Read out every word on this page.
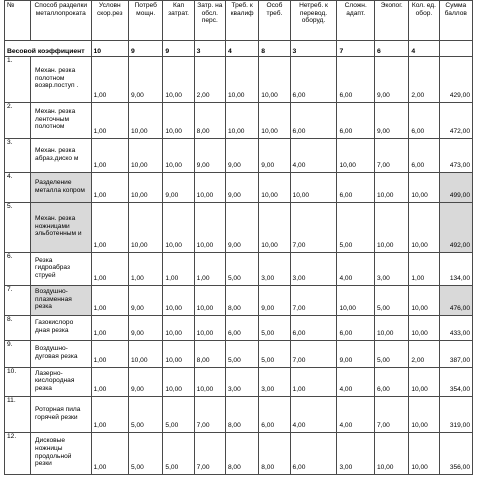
№	Способ разделки металлопроката	Условн скор.рез	Потреб мощн.	Кап затрат.	Затр. на обсл. перс.	Треб. к квалиф	Особ треб.	Нетреб. к перевод. оборуд.	Сложн. адапт.	Экопог.	Кол. ед. обор.	Сумма баллов
Весовой коэффициент		10	9	9	3	4	8	3	7	6	4	
1.	Механ. резка полотном возвр.поступ .	1,00	9,00	10,00	2,00	10,00	10,00	6,00	6,00	9,00	2,00	429,00
2.	Механ. резка ленточным полотном	1,00	10,00	10,00	8,00	10,00	10,00	6,00	6,00	9,00	6,00	472,00
3.	Механ. резка абраз.диско м	1,00	10,00	10,00	9,00	9,00	9,00	4,00	10,00	7,00	6,00	473,00
4.	Разделение металла копром	1,00	10,00	9,00	10,00	9,00	10,00	10,00	6,00	10,00	10,00	499,00
5.	Механ. резка ножницами эльботенным и	1,00	10,00	10,00	10,00	9,00	10,00	7,00	5,00	10,00	10,00	492,00
6.	Резка гидроабраз струей	1,00	1,00	1,00	1,00	5,00	3,00	3,00	4,00	3,00	1,00	134,00
7.	Воздушно-плазменная резка	1,00	9,00	10,00	10,00	8,00	9,00	7,00	10,00	5,00	10,00	476,00
8.	Газокислоро дная резка	1,00	9,00	10,00	10,00	6,00	5,00	6,00	6,00	10,00	10,00	433,00
9.	Воздушно-дуговая резка	1,00	10,00	10,00	8,00	5,00	5,00	7,00	9,00	5,00	2,00	387,00
10.	Лазерно-кислородная резка	1,00	9,00	10,00	10,00	3,00	3,00	1,00	4,00	6,00	10,00	354,00
11.	Роторная пила горячей резки	1,00	5,00	5,00	7,00	8,00	6,00	4,00	4,00	7,00	10,00	319,00
12.	Дисковые ножницы продольной резки	1,00	5,00	5,00	7,00	8,00	8,00	6,00	3,00	10,00	10,00	356,00
